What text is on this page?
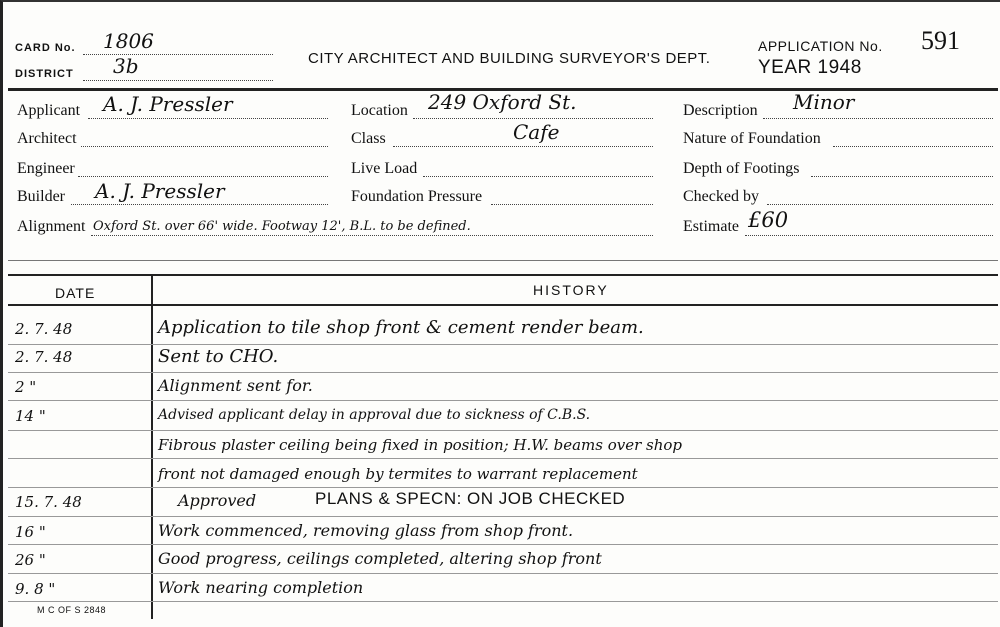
CARD No. 1806
DISTRICT 3b	CITY ARCHITECT AND BUILDING SURVEYOR'S DEPT.
APPLICATION No. 591
YEAR 1948
Applicant A. J. Pressler
Architect
Engineer
Builder A. J. Pressler
Alignment Oxford St. over 66' wide. Footway 12', B.L. to be defined.
Location 249 Oxford St.
Class	Cafe
Live Load
Foundation Pressure
Description Minor
Nature of Foundation
Depth of Footings
Checked by
Estimate £60
DATE	HISTORY
2. 7. 48	Application to tile shop front & cement render beam.
2. 7. 48	Sent to CHO.
2 "	Alignment sent for.
14 "	Advised applicant delay in approval due to sickness of C.B.S.
Fibrous plaster ceiling being fixed in position; H.W. beams over shop
front not damaged enough by termites to warrant replacement
15. 7. 48	Approved	PLANS & SPECN: ON JOB CHECKED
16 "	Work commenced, removing glass from shop front.
26 "	Good progress, ceilings completed, altering shop front
9. 8 "	Work nearing completion
M C OF S 2848
